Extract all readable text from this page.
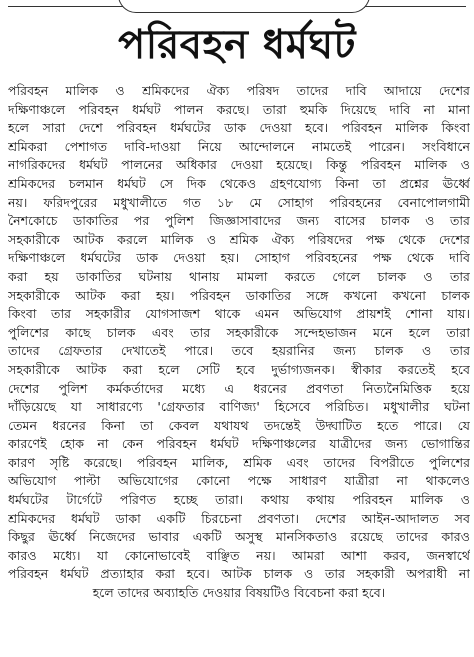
পরিবহন ধর্মঘট
পরিবহন মালিক ও শ্রমিকদের ঐক্য পরিষদ তাদের দাবি আদায়ে দেশের
দক্ষিণাঞ্চলে পরিবহন ধর্মঘট পালন করছে। তারা হুমকি দিয়েছে দাবি না মানা
হলে সারা দেশে পরিবহন ধর্মঘটের ডাক দেওয়া হবে। পরিবহন মালিক কিংবা
শ্রমিকরা পেশাগত দাবি-দাওয়া নিয়ে আন্দোলনে নামতেই পারেন। সংবিধানে
নাগরিকদের ধর্মঘট পালনের অধিকার দেওয়া হয়েছে। কিন্তু পরিবহন মালিক ও
শ্রমিকদের চলমান ধর্মঘট সে দিক থেকেও গ্রহণযোগ্য কিনা তা প্রশ্নের ঊর্ধ্বে
নয়। ফরিদপুরের মধুখালীতে গত ১৮ মে সোহাগ পরিবহনের বেনাপোলগামী
নৈশকোচে ডাকাতির পর পুলিশ জিজ্ঞাসাবাদের জন্য বাসের চালক ও তার
সহকারীকে আটক করলে মালিক ও শ্রমিক ঐক্য পরিষদের পক্ষ থেকে দেশের
দক্ষিণাঞ্চলে ধর্মঘটের ডাক দেওয়া হয়। সোহাগ পরিবহনের পক্ষ থেকে দাবি
করা হয় ডাকাতির ঘটনায় থানায় মামলা করতে গেলে চালক ও তার
সহকারীকে আটক করা হয়। পরিবহন ডাকাতির সঙ্গে কখনো কখনো চালক
কিংবা তার সহকারীর যোগসাজশ থাকে এমন অভিযোগ প্রায়শই শোনা যায়।
পুলিশের কাছে চালক এবং তার সহকারীকে সন্দেহভাজন মনে হলে তারা
তাদের গ্রেফতার দেখাতেই পারে। তবে হয়রানির জন্য চালক ও তার
সহকারীকে আটক করা হলে সেটি হবে দুর্ভাগ্যজনক। স্বীকার করতেই হবে
দেশের পুলিশ কর্মকর্তাদের মধ্যে এ ধরনের প্রবণতা নিত্যনৈমিত্তিক হয়ে
দাঁড়িয়েছে যা সাধারণ্যে 'গ্রেফতার বাণিজ্য' হিসেবে পরিচিত। মধুখালীর ঘটনা
তেমন ধরনের কিনা তা কেবল যথাযথ তদন্তেই উদ্ঘাটিত হতে পারে। যে
কারণেই হোক না কেন পরিবহন ধর্মঘট দক্ষিণাঞ্চলের যাত্রীদের জন্য ভোগান্তির
কারণ সৃষ্টি করেছে। পরিবহন মালিক, শ্রমিক এবং তাদের বিপরীতে পুলিশের
অভিযোগ পাল্টা অভিযোগের কোনো পক্ষে সাধারণ যাত্রীরা না থাকলেও
ধর্মঘটের টার্গেটে পরিণত হচ্ছে তারা। কথায় কথায় পরিবহন মালিক ও
শ্রমিকদের ধর্মঘট ডাকা একটি চিরচেনা প্রবণতা। দেশের আইন-আদালত সব
কিছুর ঊর্ধ্বে নিজেদের ভাবার একটি অসুস্থ মানসিকতাও রয়েছে তাদের কারও
কারও মধ্যে। যা কোনোভাবেই বাঞ্ছিত নয়। আমরা আশা করব, জনস্বার্থে
পরিবহন ধর্মঘট প্রত্যাহার করা হবে। আটক চালক ও তার সহকারী অপরাধী না
হলে তাদের অব্যাহতি দেওয়ার বিষয়টিও বিবেচনা করা হবে।
